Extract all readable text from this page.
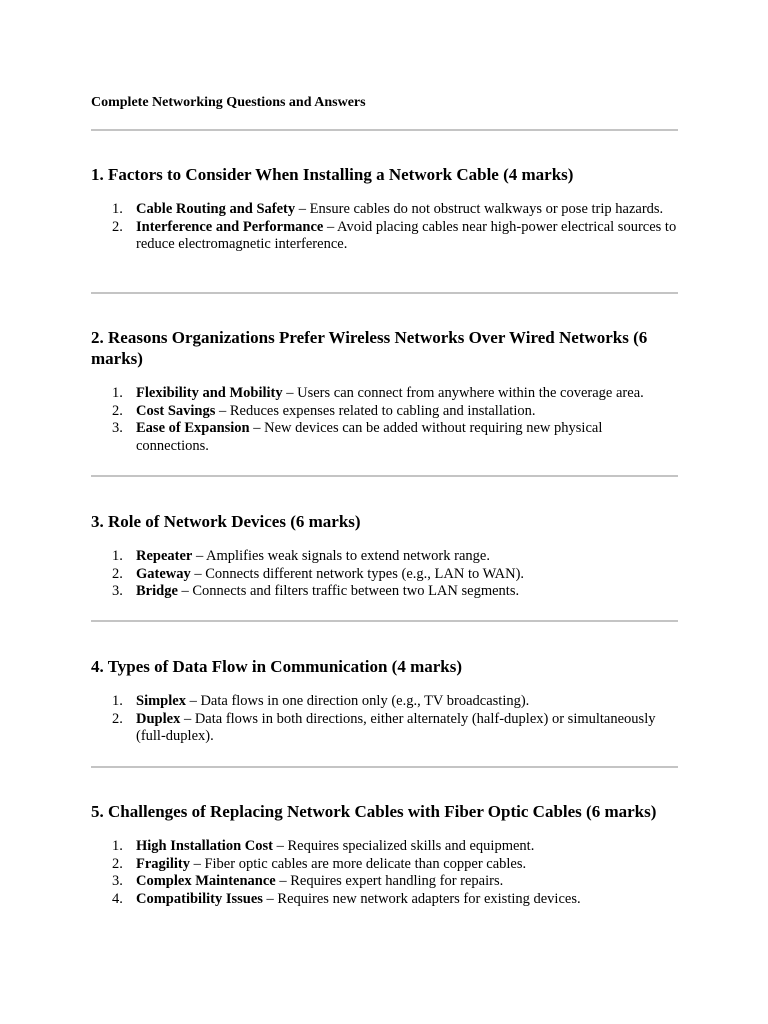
Complete Networking Questions and Answers
1. Factors to Consider When Installing a Network Cable (4 marks)
1. Cable Routing and Safety – Ensure cables do not obstruct walkways or pose trip hazards.
2. Interference and Performance – Avoid placing cables near high-power electrical sources to reduce electromagnetic interference.
2. Reasons Organizations Prefer Wireless Networks Over Wired Networks (6 marks)
1. Flexibility and Mobility – Users can connect from anywhere within the coverage area.
2. Cost Savings – Reduces expenses related to cabling and installation.
3. Ease of Expansion – New devices can be added without requiring new physical connections.
3. Role of Network Devices (6 marks)
1. Repeater – Amplifies weak signals to extend network range.
2. Gateway – Connects different network types (e.g., LAN to WAN).
3. Bridge – Connects and filters traffic between two LAN segments.
4. Types of Data Flow in Communication (4 marks)
1. Simplex – Data flows in one direction only (e.g., TV broadcasting).
2. Duplex – Data flows in both directions, either alternately (half-duplex) or simultaneously (full-duplex).
5. Challenges of Replacing Network Cables with Fiber Optic Cables (6 marks)
1. High Installation Cost – Requires specialized skills and equipment.
2. Fragility – Fiber optic cables are more delicate than copper cables.
3. Complex Maintenance – Requires expert handling for repairs.
4. Compatibility Issues – Requires new network adapters for existing devices.
